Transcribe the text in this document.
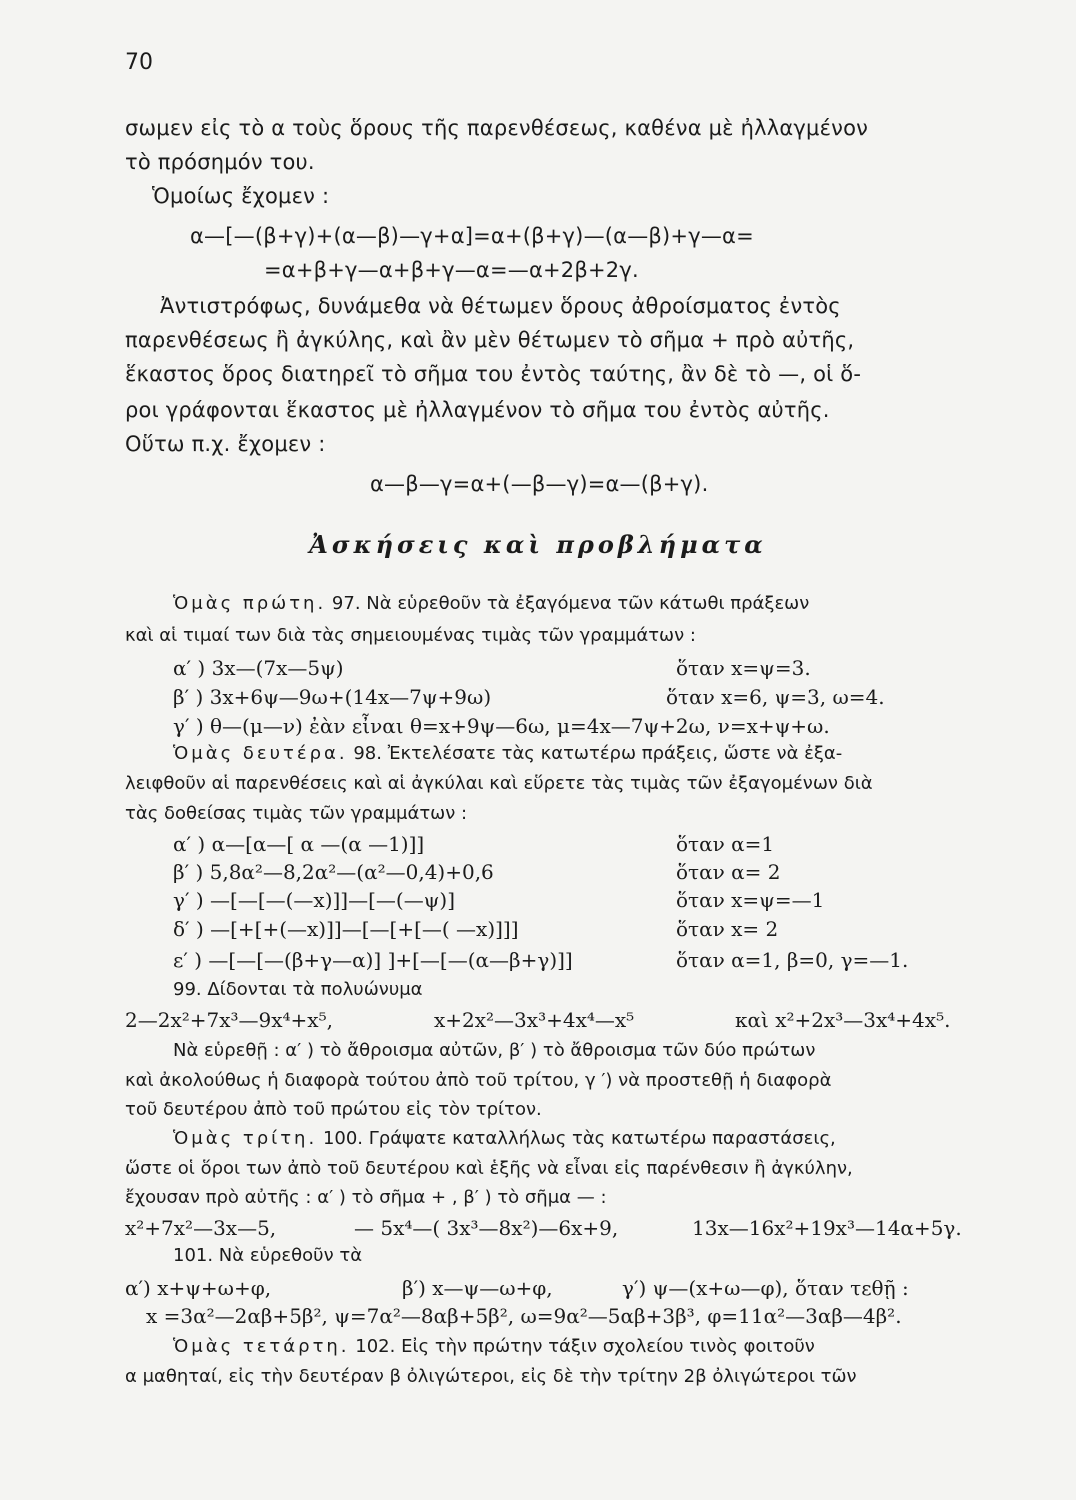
70
σωμεν εἰς τὸ α τοὺς ὅρους τῆς παρενθέσεως, καθένα μὲ ἠλλαγμένον
τὸ πρόσημόν του.
Ὁμοίως ἔχομεν :
α—[—(β+γ)+(α—β)—γ+α]=α+(β+γ)—(α—β)+γ—α=
=α+β+γ—α+β+γ—α=—α+2β+2γ.
Ἀντιστρόφως, δυνάμεθα νὰ θέτωμεν ὅρους ἀθροίσματος ἐντὸς
παρενθέσεως ἢ ἀγκύλης, καὶ ἂν μὲν θέτωμεν τὸ σῆμα + πρὸ αὐτῆς,
ἕκαστος ὅρος διατηρεῖ τὸ σῆμα του ἐντὸς ταύτης, ἂν δὲ τὸ —, οἱ ὅ-
ροι γράφονται ἕκαστος μὲ ἠλλαγμένον τὸ σῆμα του ἐντὸς αὐτῆς.
Οὕτω π.χ. ἔχομεν :
α—β—γ=α+(—β—γ)=α—(β+γ).
Ἀσκήσεις καὶ προβλήματα
Ὁμὰς πρώτη. 97. Νὰ εὑρεθοῦν τὰ ἐξαγόμενα τῶν κάτωθι πράξεων
καὶ αἱ τιμαί των διὰ τὰς σημειουμένας τιμὰς τῶν γραμμάτων :
α′ ) 3x—(7x—5ψ)	ὅταν x=ψ=3.
β′ ) 3x+6ψ—9ω+(14x—7ψ+9ω)	ὅταν x=6, ψ=3, ω=4.
γ′ ) θ—(μ—ν) ἐὰν εἶναι θ=x+9ψ—6ω, μ=4x—7ψ+2ω, ν=x+ψ+ω.
Ὁμὰς δευτέρα. 98. Ἐκτελέσατε τὰς κατωτέρω πράξεις, ὥστε νὰ ἐξα-
λειφθοῦν αἱ παρενθέσεις καὶ αἱ ἀγκύλαι καὶ εὕρετε τὰς τιμὰς τῶν ἐξαγομένων διὰ
τὰς δοθείσας τιμὰς τῶν γραμμάτων :
α′ ) α—[α—[ α —(α —1)]]	ὅταν α=1
β′ ) 5,8α²—8,2α²—(α²—0,4)+0,6	ὅταν α= 2
γ′ ) —[—[—(—x)]]—[—(—ψ)]	ὅταν x=ψ=—1
δ′ ) —[+[+(—x)]]—[—[+[—( —x)]]]	ὅταν x= 2
ε′ ) —[—[—(β+γ—α)] ]+[—[—(α—β+γ)]]	ὅταν α=1, β=0, γ=—1.
99. Δίδονται τὰ πολυώνυμα
2—2x²+7x³—9x⁴+x⁵,	x+2x²—3x³+4x⁴—x⁵	καὶ x²+2x³—3x⁴+4x⁵.
Νὰ εὑρεθῇ : α′ ) τὸ ἄθροισμα αὐτῶν, β′ ) τὸ ἄθροισμα τῶν δύο πρώτων
καὶ ἀκολούθως ἡ διαφορὰ τούτου ἀπὸ τοῦ τρίτου, γ ′) νὰ προστεθῇ ἡ διαφορὰ
τοῦ δευτέρου ἀπὸ τοῦ πρώτου εἰς τὸν τρίτον.
Ὁμὰς τρίτη. 100. Γράψατε καταλλήλως τὰς κατωτέρω παραστάσεις,
ὥστε οἱ ὅροι των ἀπὸ τοῦ δευτέρου καὶ ἑξῆς νὰ εἶναι εἰς παρένθεσιν ἢ ἀγκύλην,
ἔχουσαν πρὸ αὐτῆς : α′ ) τὸ σῆμα + , β′ ) τὸ σῆμα — :
x²+7x²—3x—5,	— 5x⁴—( 3x³—8x²)—6x+9,	13x—16x²+19x³—14α+5γ.
101. Νὰ εὑρεθοῦν τὰ
α′) x+ψ+ω+φ,	β′) x—ψ—ω+φ,	γ′) ψ—(x+ω—φ), ὅταν τεθῇ :
x =3α²—2αβ+5β², ψ=7α²—8αβ+5β², ω=9α²—5αβ+3β³, φ=11α²—3αβ—4β².
Ὁμὰς τετάρτη. 102. Εἰς τὴν πρώτην τάξιν σχολείου τινὸς φοιτοῦν
α μαθηταί, εἰς τὴν δευτέραν β ὀλιγώτεροι, εἰς δὲ τὴν τρίτην 2β ὀλιγώτεροι τῶν
